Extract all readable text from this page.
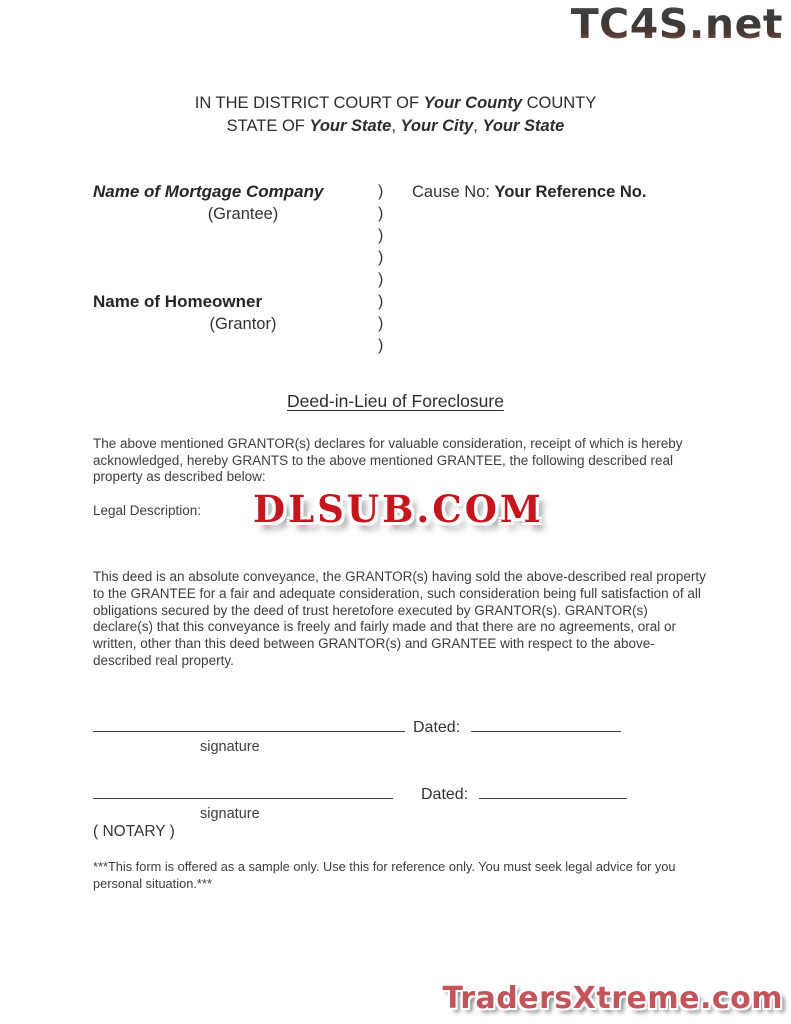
TC4S.net
IN THE DISTRICT COURT OF Your County COUNTY
STATE OF Your State, Your City, Your State
Name of Mortgage Company
(Grantee)
Name of Homeowner
(Grantor)
)
)
)
)
)
)
)
)
Cause No: Your Reference No.
Deed-in-Lieu of Foreclosure
The above mentioned GRANTOR(s) declares for valuable consideration, receipt of which is hereby acknowledged, hereby GRANTS to the above mentioned GRANTEE, the following described real property as described below:
Legal Description: DLSUB.COM
This deed is an absolute conveyance, the GRANTOR(s) having sold the above-described real property to the GRANTEE for a fair and adequate consideration, such consideration being full satisfaction of all obligations secured by the deed of trust heretofore executed by GRANTOR(s). GRANTOR(s) declare(s) that this conveyance is freely and fairly made and that there are no agreements, oral or written, other than this deed between GRANTOR(s) and GRANTEE with respect to the above-described real property.
Dated:
signature
Dated:
signature
( NOTARY )
***This form is offered as a sample only. Use this for reference only. You must seek legal advice for you personal situation.***
TradersXtreme.com
